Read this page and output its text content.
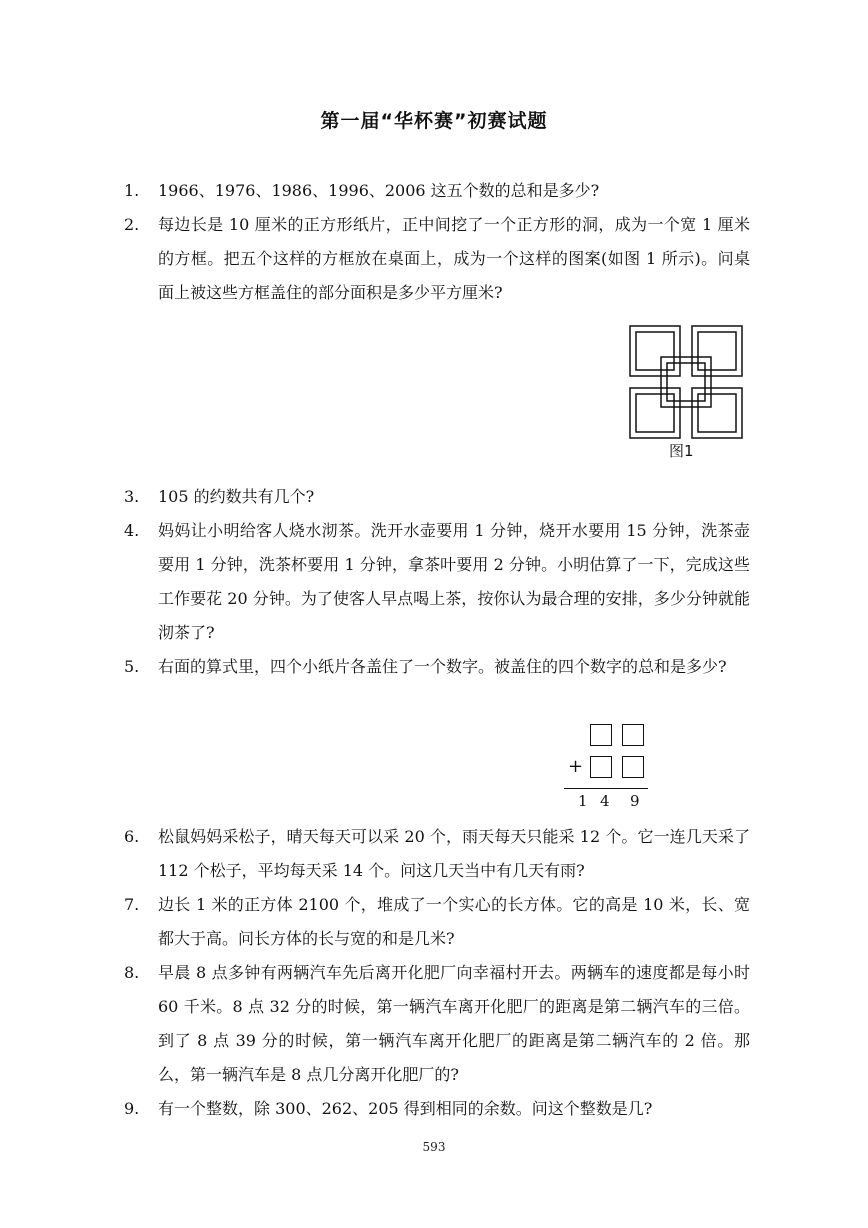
第一届“华杯赛”初赛试题
1.	1966、1976、1986、1996、2006 这五个数的总和是多少?
2.	每边长是 10 厘米的正方形纸片，正中间挖了一个正方形的洞，成为一个宽 1 厘米的方框。把五个这样的方框放在桌面上，成为一个这样的图案(如图 1 所示)。问桌面上被这些方框盖住的部分面积是多少平方厘米?
图1
3.	105 的约数共有几个?
4.	妈妈让小明给客人烧水沏茶。洗开水壶要用 1 分钟，烧开水要用 15 分钟，洗茶壶要用 1 分钟，洗茶杯要用 1 分钟，拿茶叶要用 2 分钟。小明估算了一下，完成这些工作要花 20 分钟。为了使客人早点喝上茶，按你认为最合理的安排，多少分钟就能沏茶了?
5.	右面的算式里，四个小纸片各盖住了一个数字。被盖住的四个数字的总和是多少?
+
1 4 9
6.	松鼠妈妈采松子，晴天每天可以采 20 个，雨天每天只能采 12 个。它一连几天采了 112 个松子，平均每天采 14 个。问这几天当中有几天有雨?
7.	边长 1 米的正方体 2100 个，堆成了一个实心的长方体。它的高是 10 米，长、宽都大于高。问长方体的长与宽的和是几米?
8.	早晨 8 点多钟有两辆汽车先后离开化肥厂向幸福村开去。两辆车的速度都是每小时 60 千米。8 点 32 分的时候，第一辆汽车离开化肥厂的距离是第二辆汽车的三倍。到了 8 点 39 分的时候，第一辆汽车离开化肥厂的距离是第二辆汽车的 2 倍。那么，第一辆汽车是 8 点几分离开化肥厂的?
9.	有一个整数，除 300、262、205 得到相同的余数。问这个整数是几?
593
